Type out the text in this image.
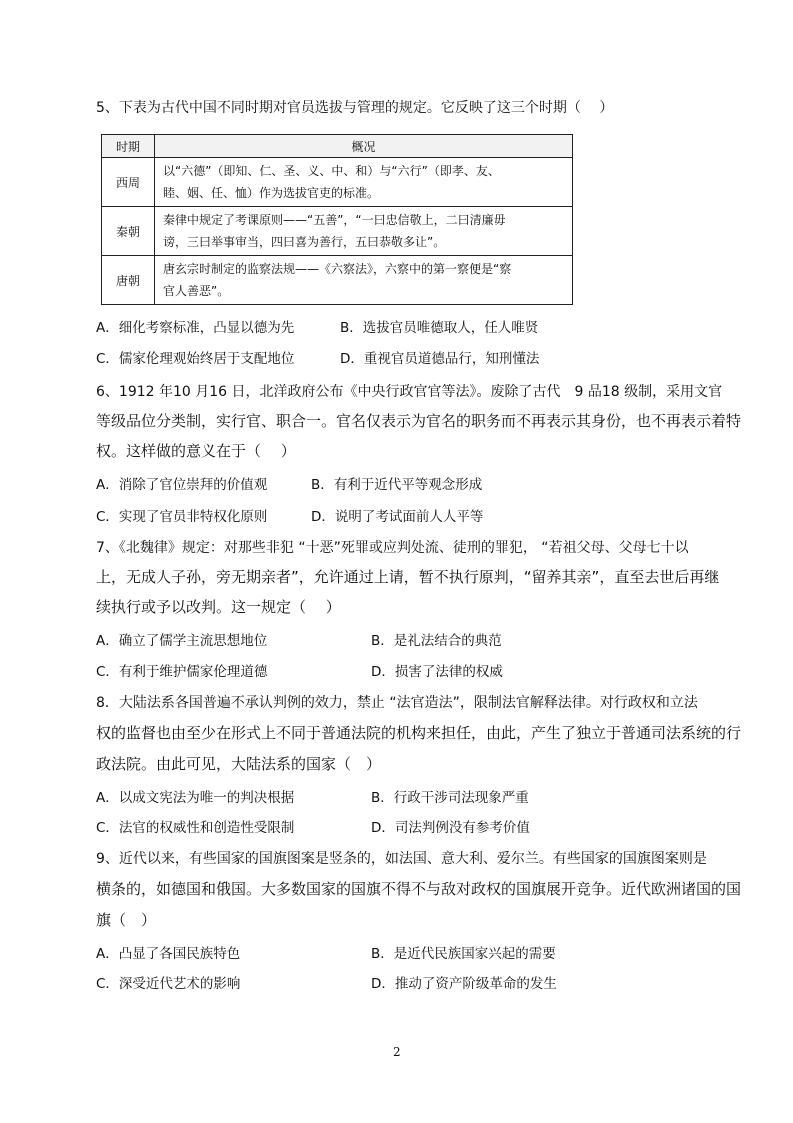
5、下表为古代中国不同时期对官员选拔与管理的规定。它反映了这三个时期（　 ）
时期	概况
西周	以“六德”（即知、仁、圣、义、中、和）与“六行”（即孝、友、
睦、姻、任、恤）作为选拔官吏的标准。

秦朝	秦律中规定了考课原则——“五善”，“一曰忠信敬上，二曰清廉毋
谤，三曰举事审当，四曰喜为善行，五曰恭敬多让”。

唐朝	唐玄宗时制定的监察法规——《六察法》，六察中的第一察便是“察
官人善恶”。
A．细化考察标准，凸显以德为先	B．选拔官员唯德取人，任人唯贤
C．儒家伦理观始终居于支配地位	D．重视官员道德品行，知刑懂法
6、1912 年10 月16 日，北洋政府公布《中央行政官官等法》。废除了古代　9 品18 级制，采用文官
等级品位分类制，实行官、职合一。官名仅表示为官名的职务而不再表示其身份，也不再表示着特
权。这样做的意义在于（　 ）
A．消除了官位崇拜的价值观	B．有利于近代平等观念形成
C．实现了官员非特权化原则	D．说明了考试面前人人平等
7、《北魏律》规定：对那些非犯 “十恶”死罪或应判处流、徒刑的罪犯， “若祖父母、父母七十以
上，无成人子孙，旁无期亲者”，允许通过上请，暂不执行原判，“留养其亲”，直至去世后再继
续执行或予以改判。这一规定（　 ）
A．确立了儒学主流思想地位	B．是礼法结合的典范
C．有利于维护儒家伦理道德	D．损害了法律的权威
8．大陆法系各国普遍不承认判例的效力，禁止 “法官造法”，限制法官解释法律。对行政权和立法
权的监督也由至少在形式上不同于普通法院的机构来担任，由此，产生了独立于普通司法系统的行
政法院。由此可见，大陆法系的国家（　）
A．以成文宪法为唯一的判决根据	B．行政干涉司法现象严重
C．法官的权威性和创造性受限制	D．司法判例没有参考价值
9、近代以来，有些国家的国旗图案是竖条的，如法国、意大利、爱尔兰。有些国家的国旗图案则是
横条的，如德国和俄国。大多数国家的国旗不得不与敌对政权的国旗展开竞争。近代欧洲诸国的国
旗（　）
A．凸显了各国民族特色	B．是近代民族国家兴起的需要
C．深受近代艺术的影响	D．推动了资产阶级革命的发生
2
